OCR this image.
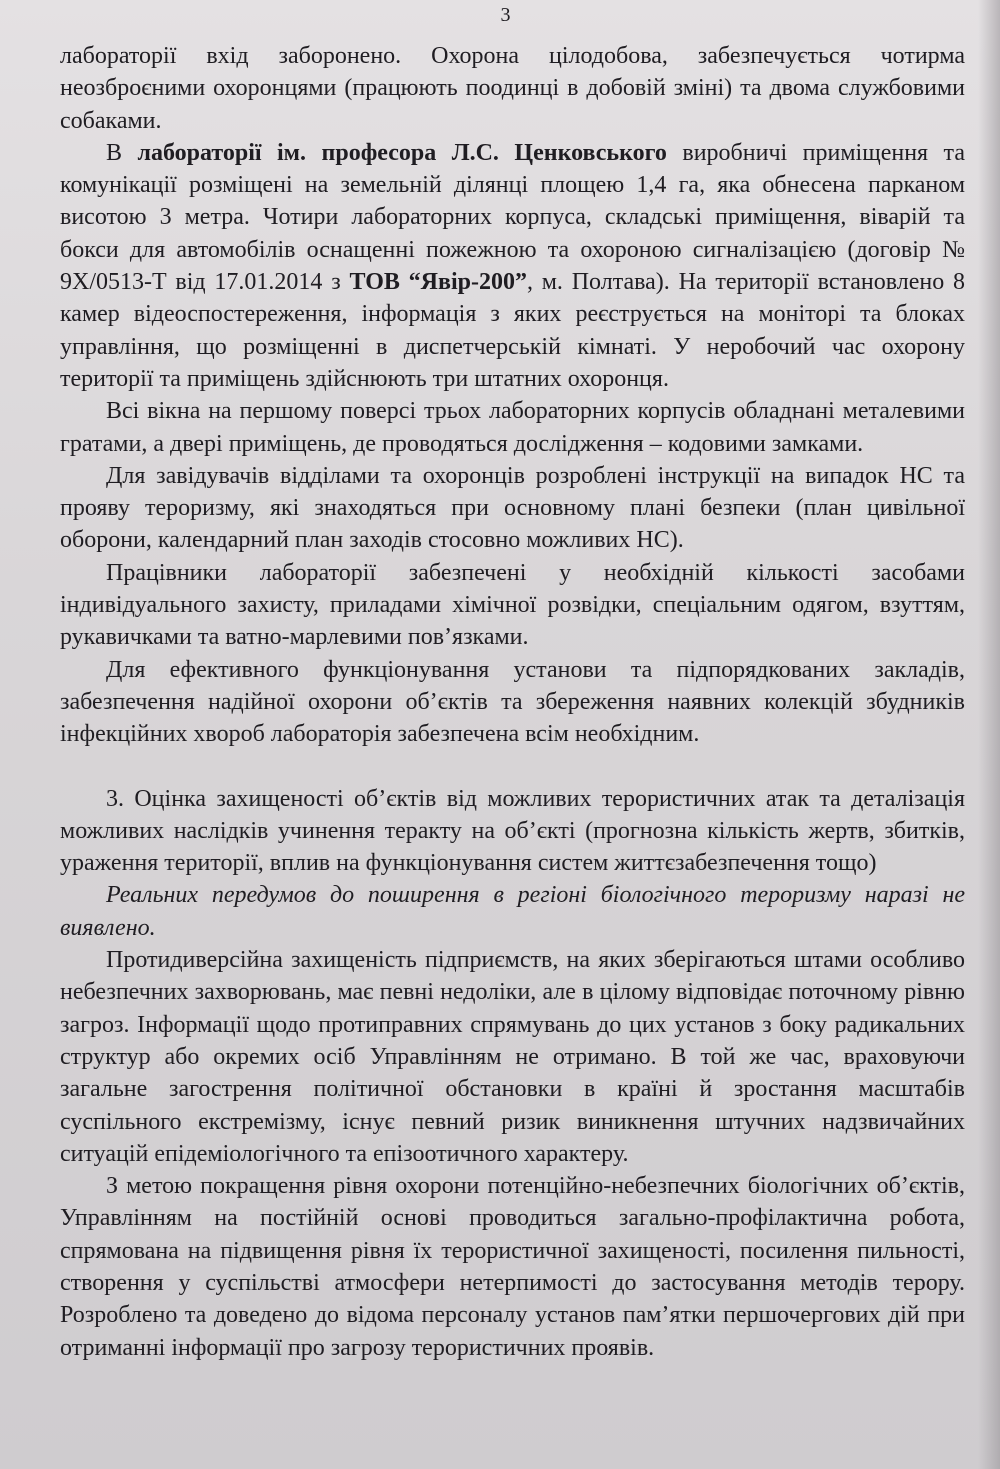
3

лабораторії вхід заборонено. Охорона цілодобова, забезпечується чотирма неозброєними охоронцями (працюють поодинці в добовій зміні) та двома службовими собаками.

В лабораторії ім. професора Л.С. Ценковського виробничі приміщення та комунікації розміщені на земельній ділянці площею 1,4 га, яка обнесена парканом висотою 3 метра. Чотири лабораторних корпуса, складські приміщення, віварій та бокси для автомобілів оснащенні пожежною та охороною сигналізацією (договір № 9Х/0513-Т від 17.01.2014 з ТОВ “Явір-200”, м. Полтава). На території встановлено 8 камер відеоспостереження, інформація з яких реєструється на моніторі та блоках управління, що розміщенні в диспетчерській кімнаті. У неробочий час охорону території та приміщень здійснюють три штатних охоронця.

Всі вікна на першому поверсі трьох лабораторних корпусів обладнані металевими гратами, а двері приміщень, де проводяться дослідження – кодовими замками.

Для завідувачів відділами та охоронців розроблені інструкції на випадок НС та прояву тероризму, які знаходяться при основному плані безпеки (план цивільної оборони, календарний план заходів стосовно можливих НС).

Працівники лабораторії забезпечені у необхідній кількості засобами індивідуального захисту, приладами хімічної розвідки, спеціальним одягом, взуттям, рукавичками та ватно-марлевими пов’язками.

Для ефективного функціонування установи та підпорядкованих закладів, забезпечення надійної охорони об’єктів та збереження наявних колекцій збудників інфекційних хвороб лабораторія забезпечена всім необхідним.

3. Оцінка захищеності об’єктів від можливих терористичних атак та деталізація можливих наслідків учинення теракту на об’єкті (прогнозна кількість жертв, збитків, ураження території, вплив на функціонування систем життєзабезпечення тощо)

Реальних передумов до поширення в регіоні біологічного тероризму наразі не виявлено.

Протидиверсійна захищеність підприємств, на яких зберігаються штами особливо небезпечних захворювань, має певні недоліки, але в цілому відповідає поточному рівню загроз. Інформації щодо протиправних спрямувань до цих установ з боку радикальних структур або окремих осіб Управлінням не отримано. В той же час, враховуючи загальне загострення політичної обстановки в країні й зростання масштабів суспільного екстремізму, існує певний ризик виникнення штучних надзвичайних ситуацій епідеміологічного та епізоотичного характеру.

З метою покращення рівня охорони потенційно-небезпечних біологічних об’єктів, Управлінням на постійній основі проводиться загально-профілактична робота, спрямована на підвищення рівня їх терористичної захищеності, посилення пильності, створення у суспільстві атмосфери нетерпимості до застосування методів терору. Розроблено та доведено до відома персоналу установ пам’ятки першочергових дій при отриманні інформації про загрозу терористичних проявів.
